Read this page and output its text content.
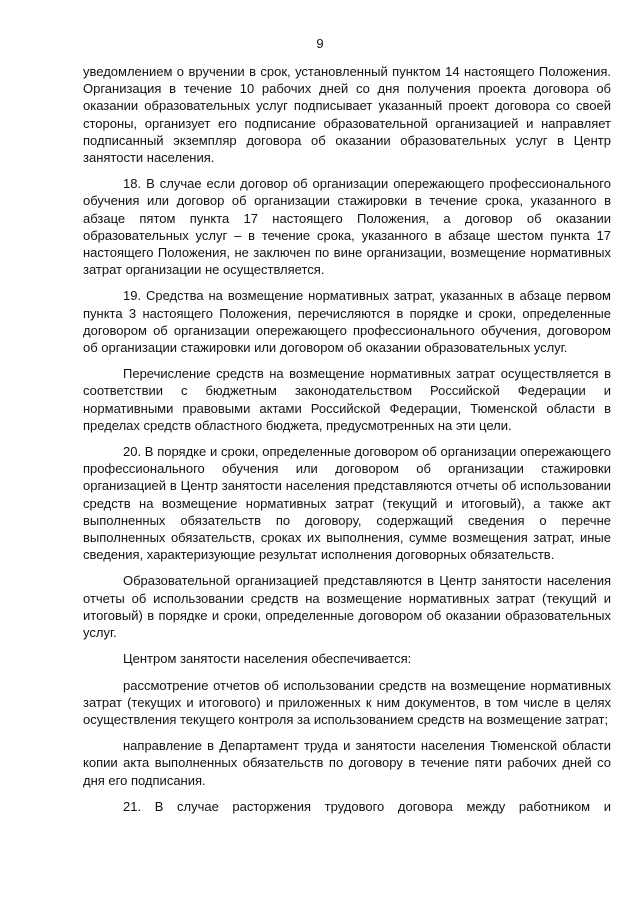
9

уведомлением о вручении в срок, установленный пунктом 14 настоящего Положения. Организация в течение 10 рабочих дней со дня получения проекта договора об оказании образовательных услуг подписывает указанный проект договора со своей стороны, организует его подписание образовательной организацией и направляет подписанный экземпляр договора об оказании образовательных услуг в Центр занятости населения.

18. В случае если договор об организации опережающего профессионального обучения или договор об организации стажировки в течение срока, указанного в абзаце пятом пункта 17 настоящего Положения, а договор об оказании образовательных услуг – в течение срока, указанного в абзаце шестом пункта 17 настоящего Положения, не заключен по вине организации, возмещение нормативных затрат организации не осуществляется.

19. Средства на возмещение нормативных затрат, указанных в абзаце первом пункта 3 настоящего Положения, перечисляются в порядке и сроки, определенные договором об организации опережающего профессионального обучения, договором об организации стажировки или договором об оказании образовательных услуг.

Перечисление средств на возмещение нормативных затрат осуществляется в соответствии с бюджетным законодательством Российской Федерации и нормативными правовыми актами Российской Федерации, Тюменской области в пределах средств областного бюджета, предусмотренных на эти цели.

20. В порядке и сроки, определенные договором об организации опережающего профессионального обучения или договором об организации стажировки организацией в Центр занятости населения представляются отчеты об использовании средств на возмещение нормативных затрат (текущий и итоговый), а также акт выполненных обязательств по договору, содержащий сведения о перечне выполненных обязательств, сроках их выполнения, сумме возмещения затрат, иные сведения, характеризующие результат исполнения договорных обязательств.

Образовательной организацией представляются в Центр занятости населения отчеты об использовании средств на возмещение нормативных затрат (текущий и итоговый) в порядке и сроки, определенные договором об оказании образовательных услуг.

Центром занятости населения обеспечивается:

рассмотрение отчетов об использовании средств на возмещение нормативных затрат (текущих и итогового) и приложенных к ним документов, в том числе в целях осуществления текущего контроля за использованием средств на возмещение затрат;

направление в Департамент труда и занятости населения Тюменской области копии акта выполненных обязательств по договору в течение пяти рабочих дней со дня его подписания.

21. В случае расторжения трудового договора между работником и
